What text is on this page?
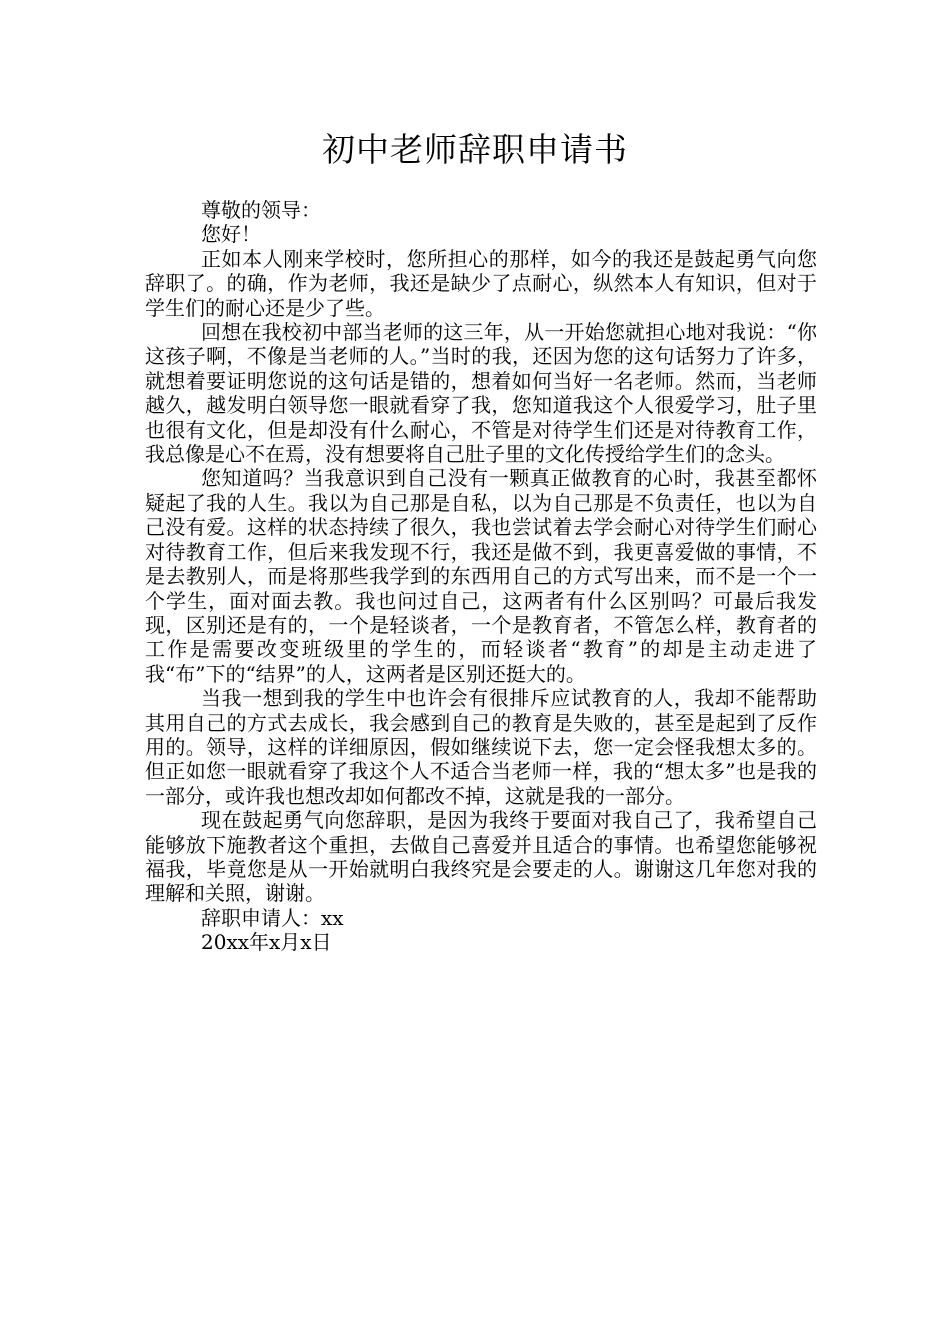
初中老师辞职申请书

尊敬的领导：

您好！

正如本人刚来学校时，您所担心的那样，如今的我还是鼓起勇气向您辞职了。的确，作为老师，我还是缺少了点耐心，纵然本人有知识，但对于学生们的耐心还是少了些。

回想在我校初中部当老师的这三年，从一开始您就担心地对我说：“你这孩子啊，不像是当老师的人。”当时的我，还因为您的这句话努力了许多，就想着要证明您说的这句话是错的，想着如何当好一名老师。然而，当老师越久，越发明白领导您一眼就看穿了我，您知道我这个人很爱学习，肚子里也很有文化，但是却没有什么耐心，不管是对待学生们还是对待教育工作，我总像是心不在焉，没有想要将自己肚子里的文化传授给学生们的念头。

您知道吗？当我意识到自己没有一颗真正做教育的心时，我甚至都怀疑起了我的人生。我以为自己那是自私，以为自己那是不负责任，也以为自己没有爱。这样的状态持续了很久，我也尝试着去学会耐心对待学生们耐心对待教育工作，但后来我发现不行，我还是做不到，我更喜爱做的事情，不是去教别人，而是将那些我学到的东西用自己的方式写出来，而不是一个一个学生，面对面去教。我也问过自己，这两者有什么区别吗？可最后我发现，区别还是有的，一个是轻谈者，一个是教育者，不管怎么样，教育者的工作是需要改变班级里的学生的，而轻谈者“教育”的却是主动走进了我“布”下的“结界”的人，这两者是区别还挺大的。

当我一想到我的学生中也许会有很排斥应试教育的人，我却不能帮助其用自己的方式去成长，我会感到自己的教育是失败的，甚至是起到了反作用的。领导，这样的详细原因，假如继续说下去，您一定会怪我想太多的。但正如您一眼就看穿了我这个人不适合当老师一样，我的“想太多”也是我的一部分，或许我也想改却如何都改不掉，这就是我的一部分。

现在鼓起勇气向您辞职，是因为我终于要面对我自己了，我希望自己能够放下施教者这个重担，去做自己喜爱并且适合的事情。也希望您能够祝福我，毕竟您是从一开始就明白我终究是会要走的人。谢谢这几年您对我的理解和关照，谢谢。

辞职申请人：xx

20xx年x月x日
